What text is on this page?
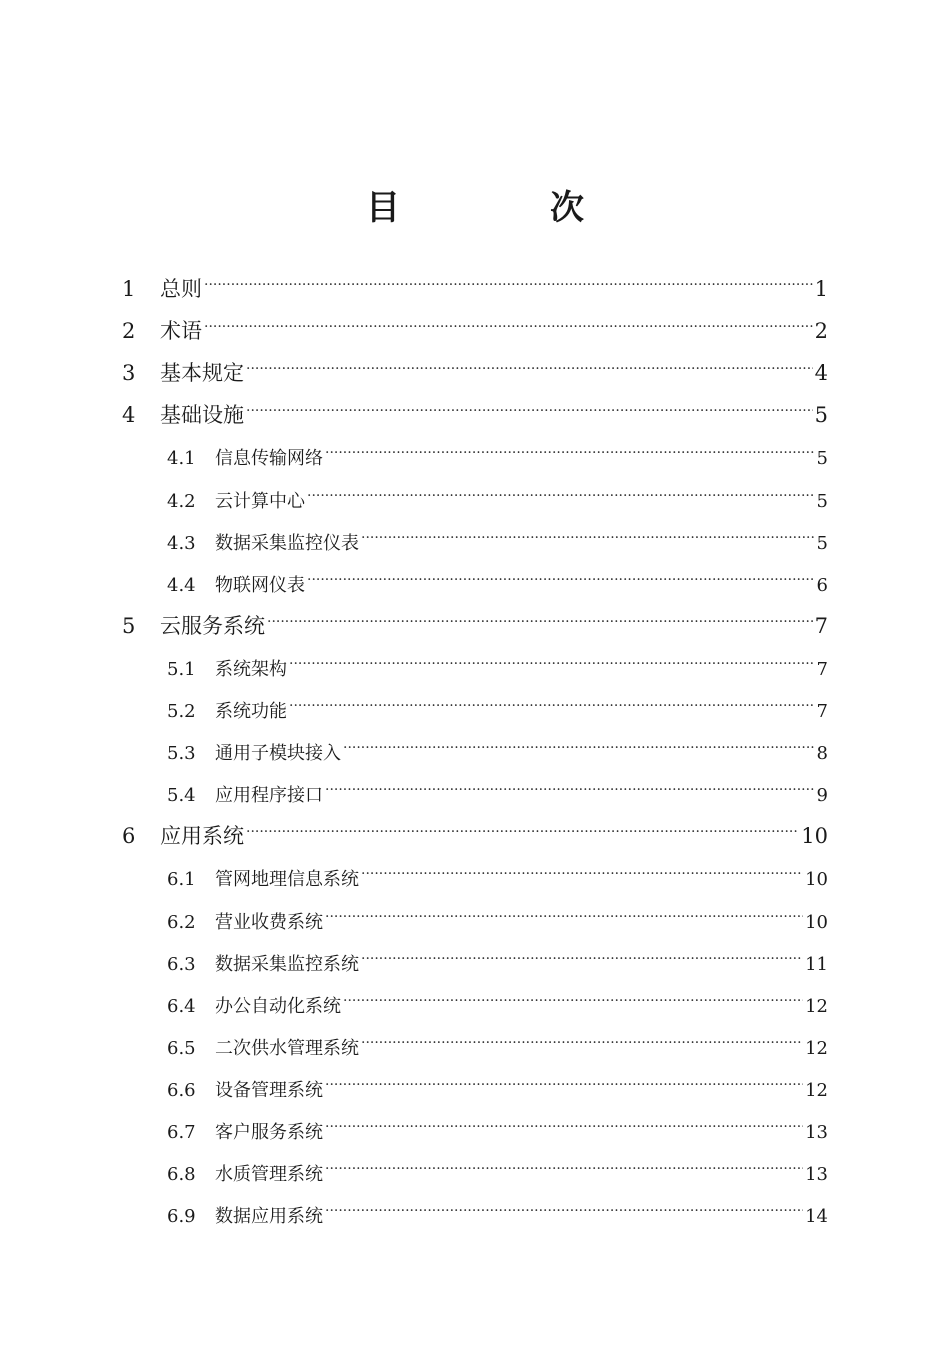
目　次
1	总则 ·····	1
2	术语 ·····	2
3	基本规定 ·····	4
4	基础设施 ·····	5
4.1	信息传输网络 ·····	5
4.2	云计算中心 ·····	5
4.3	数据采集监控仪表 ·····	5
4.4	物联网仪表 ·····	6
5	云服务系统 ·····	7
5.1	系统架构 ·····	7
5.2	系统功能 ·····	7
5.3	通用子模块接入 ·····	8
5.4	应用程序接口 ·····	9
6	应用系统 ·····	10
6.1	管网地理信息系统 ·····	10
6.2	营业收费系统 ·····	10
6.3	数据采集监控系统 ·····	11
6.4	办公自动化系统 ·····	12
6.5	二次供水管理系统 ·····	12
6.6	设备管理系统 ·····	12
6.7	客户服务系统 ·····	13
6.8	水质管理系统 ·····	13
6.9	数据应用系统 ·····	14
